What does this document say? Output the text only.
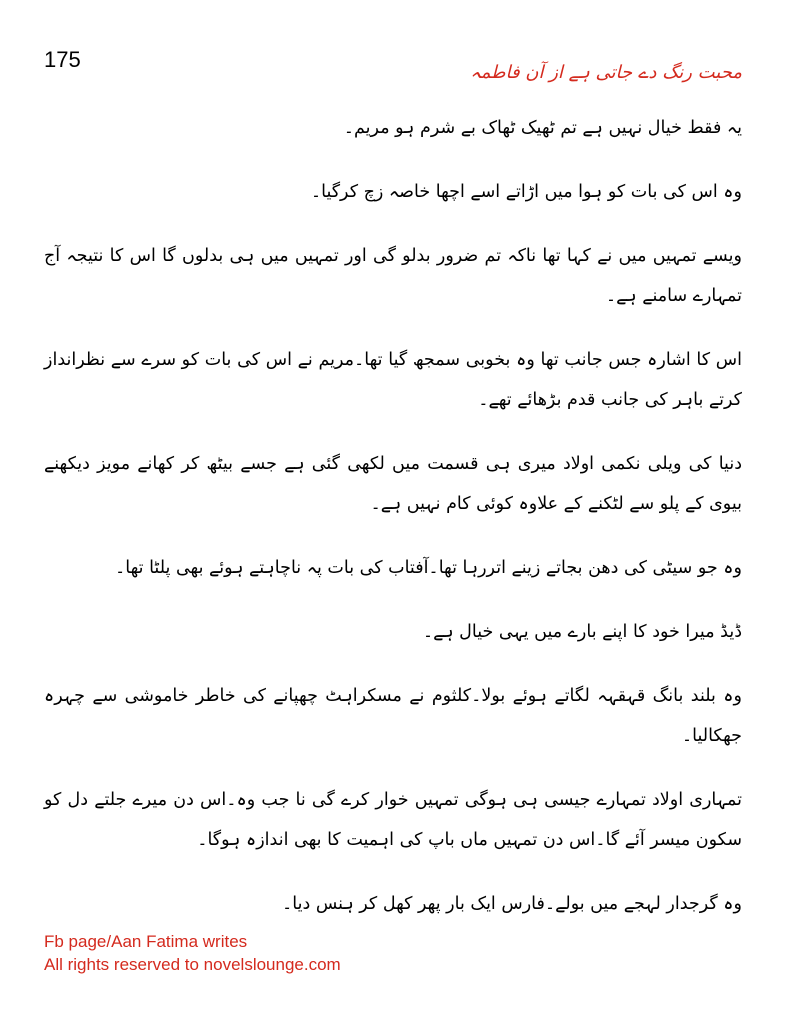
175
محبت رنگ دے جاتی ہے از آن فاطمہ

یہ فقط خیال نہیں ہے تم ٹھیک ٹھاک بے شرم ہو مریم۔

وہ اس کی بات کو ہوا میں اڑاتے اسے اچھا خاصہ زچ کرگیا۔

ویسے تمہیں میں نے کہا تھا ناکہ تم ضرور بدلو گی اور تمہیں میں ہی بدلوں گا اس کا نتیجہ آج تمہارے سامنے ہے۔

اس کا اشارہ جس جانب تھا وہ بخوبی سمجھ گیا تھا۔مریم نے اس کی بات کو سرے سے نظرانداز کرتے باہر کی جانب قدم بڑھائے تھے۔

دنیا کی ویلی نکمی اولاد میری ہی قسمت میں لکھی گئی ہے جسے بیٹھ کر کھانے مویز دیکھنے بیوی کے پلو سے لٹکنے کے علاوہ کوئی کام نہیں ہے۔

وہ جو سیٹی کی دھن بجاتے زینے اتررہا تھا۔آفتاب کی بات پہ ناچاہتے ہوئے بھی پلٹا تھا۔

ڈیڈ میرا خود کا اپنے بارے میں یہی خیال ہے۔

وہ بلند بانگ قہقہہ لگاتے ہوئے بولا۔کلثوم نے مسکراہٹ چھپانے کی خاطر خاموشی سے چہرہ جھکالیا۔

تمہاری اولاد تمہارے جیسی ہی ہوگی تمہیں خوار کرے گی نا جب وہ۔اس دن میرے جلتے دل کو سکون میسر آئے گا۔اس دن تمہیں ماں باپ کی اہمیت کا بھی اندازہ ہوگا۔

وہ گرجدار لہجے میں بولے۔فارس ایک بار پھر کھل کر ہنس دیا۔

Fb page/Aan Fatima writes
All rights reserved to novelslounge.com
